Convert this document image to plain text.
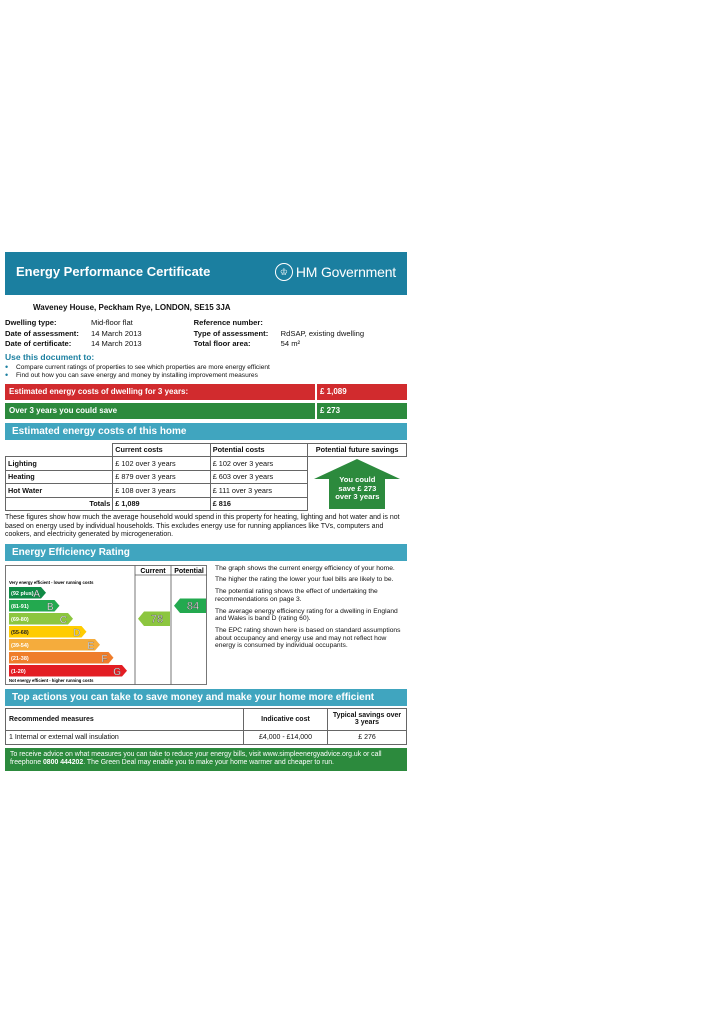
Energy Performance Certificate	♔ HM Government
Waveney House, Peckham Rye, LONDON, SE15 3JA
Dwelling type:	Mid-floor flat
Date of assessment:	14 March 2013
Date of certificate:	14 March 2013
Reference number:
Type of assessment:	RdSAP, existing dwelling
Total floor area:	54 m²
Use this document to:
• Compare current ratings of properties to see which properties are more energy efficient
• Find out how you can save energy and money by installing improvement measures
Estimated energy costs of dwelling for 3 years:	£ 1,089
Over 3 years you could save	£ 273
Estimated energy costs of this home
	Current costs	Potential costs	Potential future savings
Lighting	£ 102 over 3 years	£ 102 over 3 years	You could
save £ 273
over 3 years

Heating	£ 879 over 3 years	£ 603 over 3 years	
Hot Water	£ 108 over 3 years	£ 111 over 3 years	
Totals	£ 1,089	£ 816	
These figures show how much the average household would spend in this property for heating, lighting and hot water and is not based on energy used by individual households. This excludes energy use for running appliances like TVs, computers and cookers, and electricity generated by microgeneration.
Energy Efficiency Rating
Current Potential
Very energy efficient - lower running costs
Not energy efficient - higher running costs
(92 plus) A
(81-91) B
(69-80)	C
(55-68)	D
(39-54)	E
(21-38)	F
(1-20)	G
78
84

The graph shows the current energy efficiency of your home.

The higher the rating the lower your fuel bills are likely to be.

The potential rating shows the effect of undertaking the recommendations on page 3.

The average energy efficiency rating for a dwelling in England and Wales is band D (rating 60).

The EPC rating shown here is based on standard assumptions about occupancy and energy use and may not reflect how energy is consumed by individual occupants.

Top actions you can take to save money and make your home more efficient
Recommended measures	Indicative cost	Typical savings over 3 years
1 Internal or external wall insulation	£4,000 - £14,000	£ 276
To receive advice on what measures you can take to reduce your energy bills, visit www.simpleenergyadvice.org.uk or call freephone 0800 444202. The Green Deal may enable you to make your home warmer and cheaper to run.
